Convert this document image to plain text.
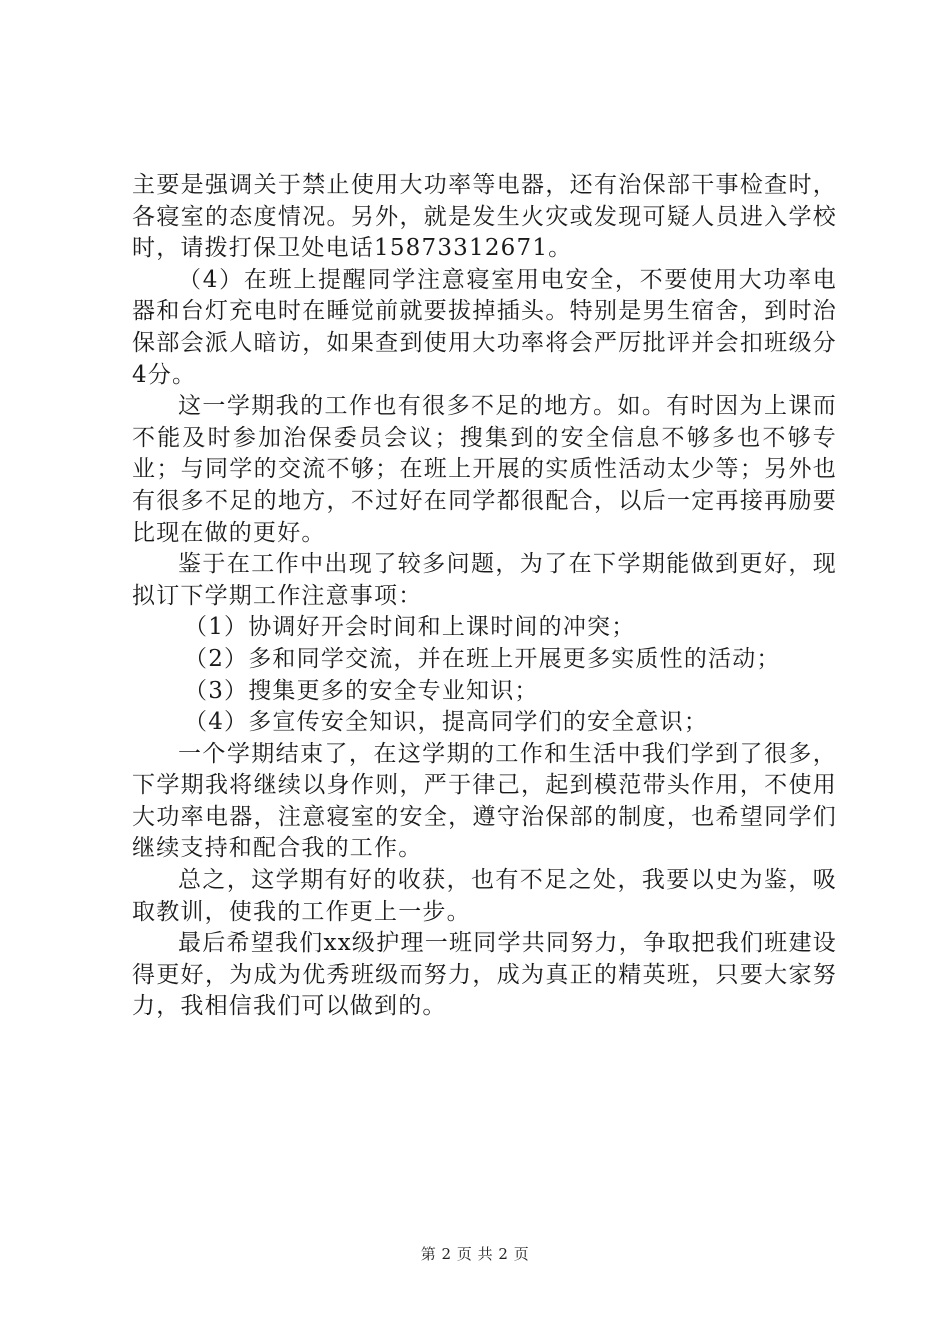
主要是强调关于禁止使用大功率等电器，还有治保部干事检查时，各寝室的态度情况。另外，就是发生火灾或发现可疑人员进入学校时，请拨打保卫处电话15873312671。

（4）在班上提醒同学注意寝室用电安全，不要使用大功率电器和台灯充电时在睡觉前就要拔掉插头。特别是男生宿舍，到时治保部会派人暗访，如果查到使用大功率将会严厉批评并会扣班级分4分。

这一学期我的工作也有很多不足的地方。如。有时因为上课而不能及时参加治保委员会议；搜集到的安全信息不够多也不够专业；与同学的交流不够；在班上开展的实质性活动太少等；另外也有很多不足的地方，不过好在同学都很配合，以后一定再接再励要比现在做的更好。

鉴于在工作中出现了较多问题，为了在下学期能做到更好，现拟订下学期工作注意事项：

（1）协调好开会时间和上课时间的冲突；

（2）多和同学交流，并在班上开展更多实质性的活动；

（3）搜集更多的安全专业知识；

（4）多宣传安全知识，提高同学们的安全意识；

一个学期结束了，在这学期的工作和生活中我们学到了很多，下学期我将继续以身作则，严于律己，起到模范带头作用，不使用大功率电器，注意寝室的安全，遵守治保部的制度，也希望同学们继续支持和配合我的工作。

总之，这学期有好的收获，也有不足之处，我要以史为鉴，吸取教训，使我的工作更上一步。

最后希望我们xx级护理一班同学共同努力，争取把我们班建设得更好，为成为优秀班级而努力，成为真正的精英班，只要大家努力，我相信我们可以做到的。

第 2 页 共 2 页
